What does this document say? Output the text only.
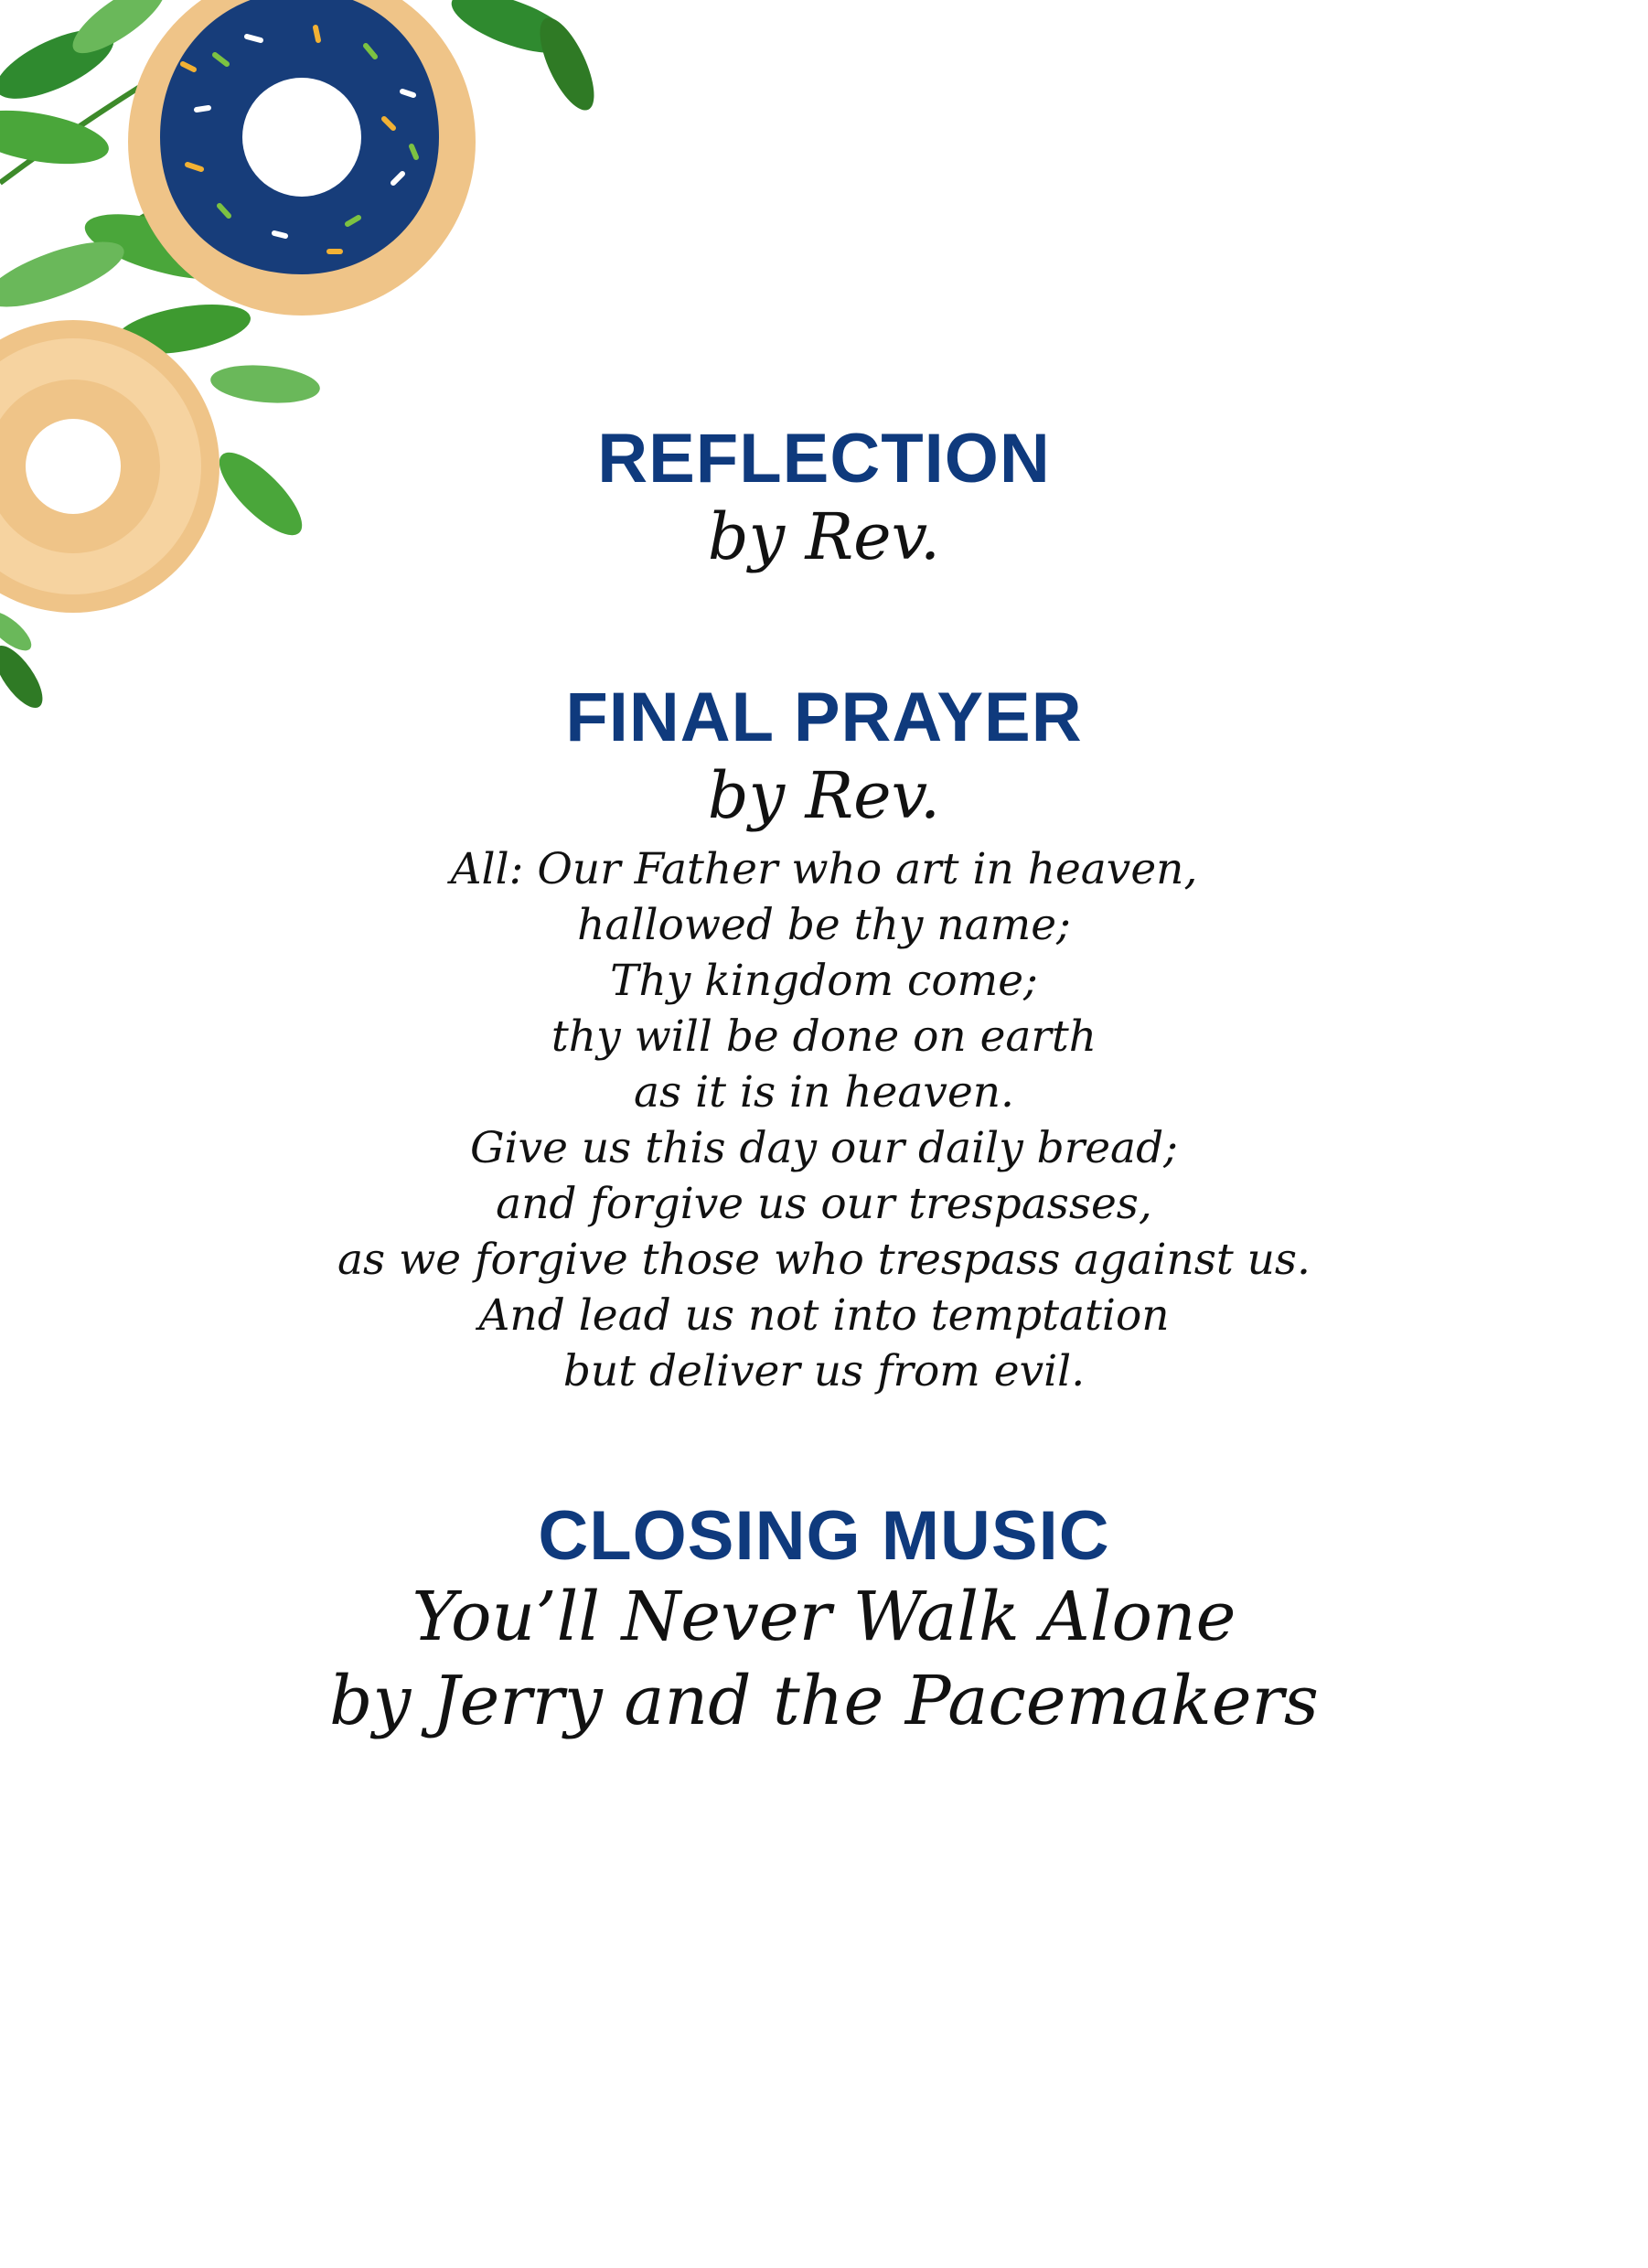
REFLECTION

by Rev.

FINAL PRAYER

by Rev.

All: Our Father who art in heaven,
hallowed be thy name;
Thy kingdom come;
thy will be done on earth
as it is in heaven.
Give us this day our daily bread;
and forgive us our trespasses,
as we forgive those who trespass against us.
And lead us not into temptation
but deliver us from evil.

CLOSING MUSIC
You’ll Never Walk Alone
by Jerry and the Pacemakers
